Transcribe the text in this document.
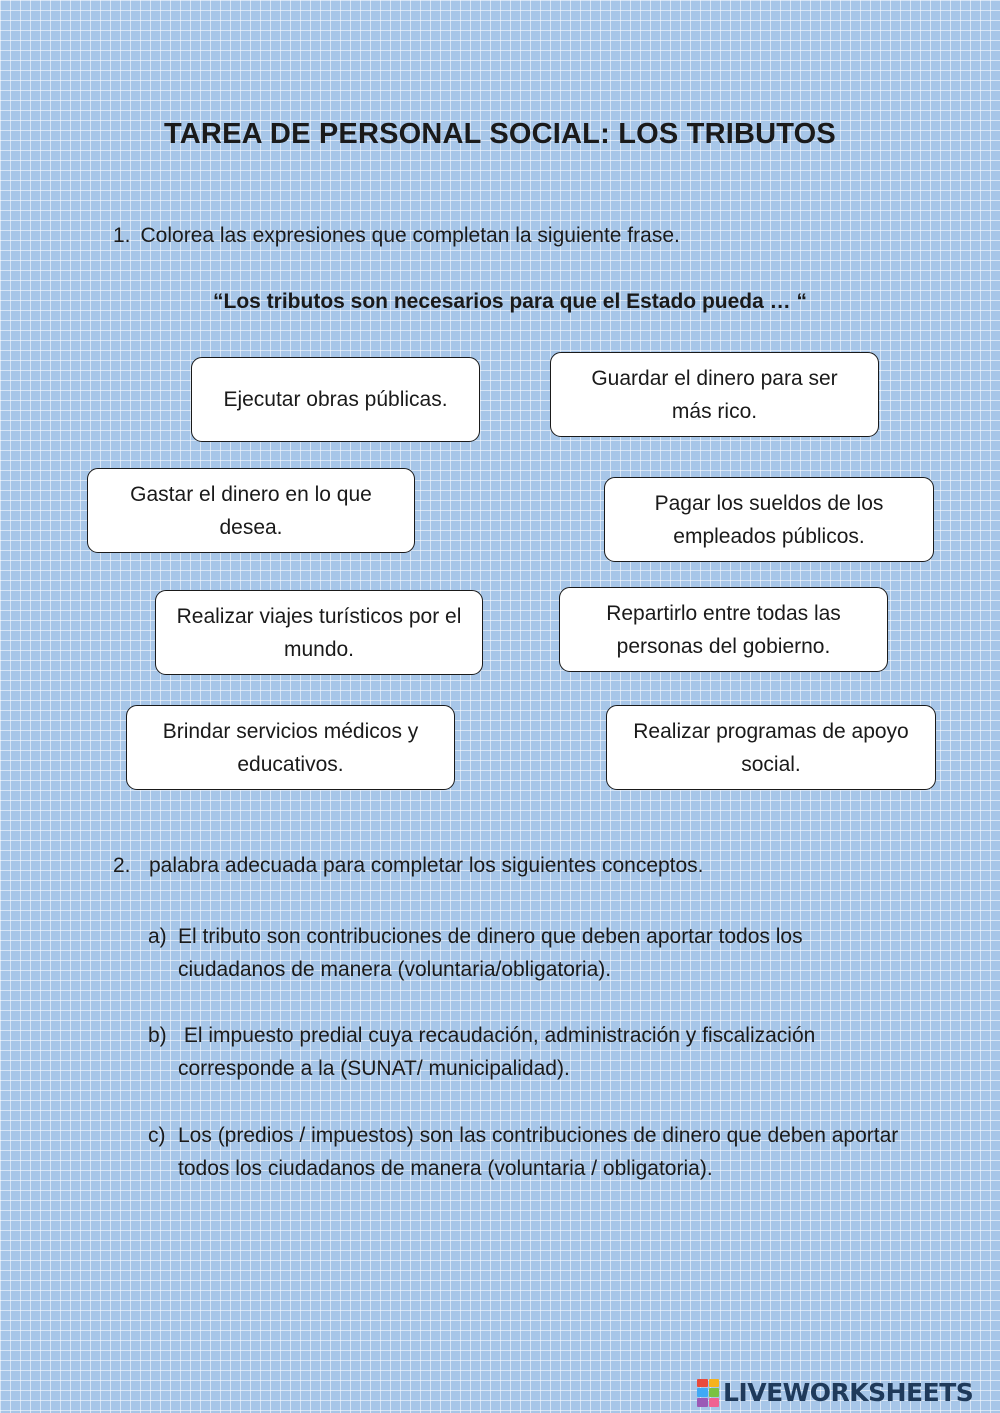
TAREA DE PERSONAL SOCIAL: LOS TRIBUTOS
1. Colorea las expresiones que completan la siguiente frase.
“Los tributos son necesarios para que el Estado pueda … “
Ejecutar obras públicas.
Guardar el dinero para ser más rico.
Gastar el dinero en lo que desea.
Pagar los sueldos de los empleados públicos.
Realizar viajes turísticos por el mundo.
Repartirlo entre todas las personas del gobierno.
Brindar servicios médicos y educativos.
Realizar programas de apoyo social.
2. palabra adecuada para completar los siguientes conceptos.
a) El tributo son contribuciones de dinero que deben aportar todos los ciudadanos de manera (voluntaria/obligatoria).
b) El impuesto predial cuya recaudación, administración y fiscalización corresponde a la (SUNAT/ municipalidad).
c) Los (predios / impuestos) son las contribuciones de dinero que deben aportar todos los ciudadanos de manera (voluntaria / obligatoria).
LIVEWORKSHEETS
